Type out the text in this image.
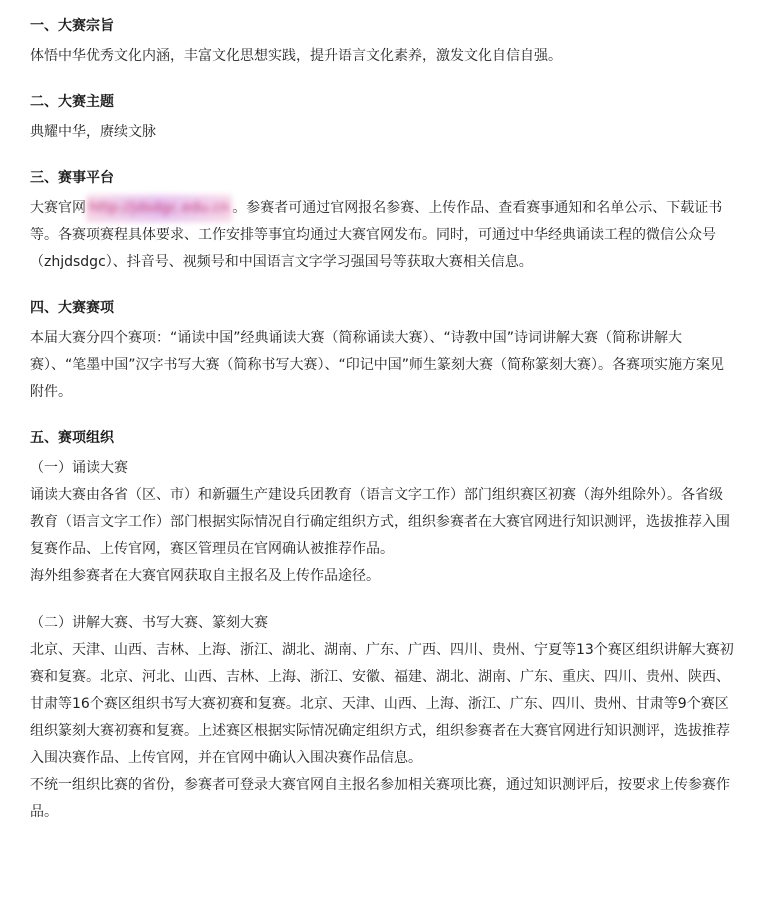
一、大赛宗旨

体悟中华优秀文化内涵，丰富文化思想实践，提升语言文化素养，激发文化自信自强。

二、大赛主题

典耀中华，赓续文脉

三、赛事平台

大赛官网 http://jdsdgc.edu.cn 。参赛者可通过官网报名参赛、上传作品、查看赛事通知和名单公示、下载证书等。各赛项赛程具体要求、工作安排等事宜均通过大赛官网发布。同时，可通过中华经典诵读工程的微信公众号（zhjdsdgc）、抖音号、视频号和中国语言文字学习强国号等获取大赛相关信息。

四、大赛赛项

本届大赛分四个赛项：“诵读中国”经典诵读大赛（简称诵读大赛）、“诗教中国”诗词讲解大赛（简称讲解大赛）、“笔墨中国”汉字书写大赛（简称书写大赛）、“印记中国”师生篆刻大赛（简称篆刻大赛）。各赛项实施方案见附件。

五、赛项组织

（一）诵读大赛

诵读大赛由各省（区、市）和新疆生产建设兵团教育（语言文字工作）部门组织赛区初赛（海外组除外）。各省级教育（语言文字工作）部门根据实际情况自行确定组织方式，组织参赛者在大赛官网进行知识测评，选拔推荐入围复赛作品、上传官网，赛区管理员在官网确认被推荐作品。

海外组参赛者在大赛官网获取自主报名及上传作品途径。

（二）讲解大赛、书写大赛、篆刻大赛

北京、天津、山西、吉林、上海、浙江、湖北、湖南、广东、广西、四川、贵州、宁夏等13个赛区组织讲解大赛初赛和复赛。北京、河北、山西、吉林、上海、浙江、安徽、福建、湖北、湖南、广东、重庆、四川、贵州、陕西、甘肃等16个赛区组织书写大赛初赛和复赛。北京、天津、山西、上海、浙江、广东、四川、贵州、甘肃等9个赛区组织篆刻大赛初赛和复赛。上述赛区根据实际情况确定组织方式，组织参赛者在大赛官网进行知识测评，选拔推荐入围决赛作品、上传官网，并在官网中确认入围决赛作品信息。

不统一组织比赛的省份，参赛者可登录大赛官网自主报名参加相关赛项比赛，通过知识测评后，按要求上传参赛作品。
